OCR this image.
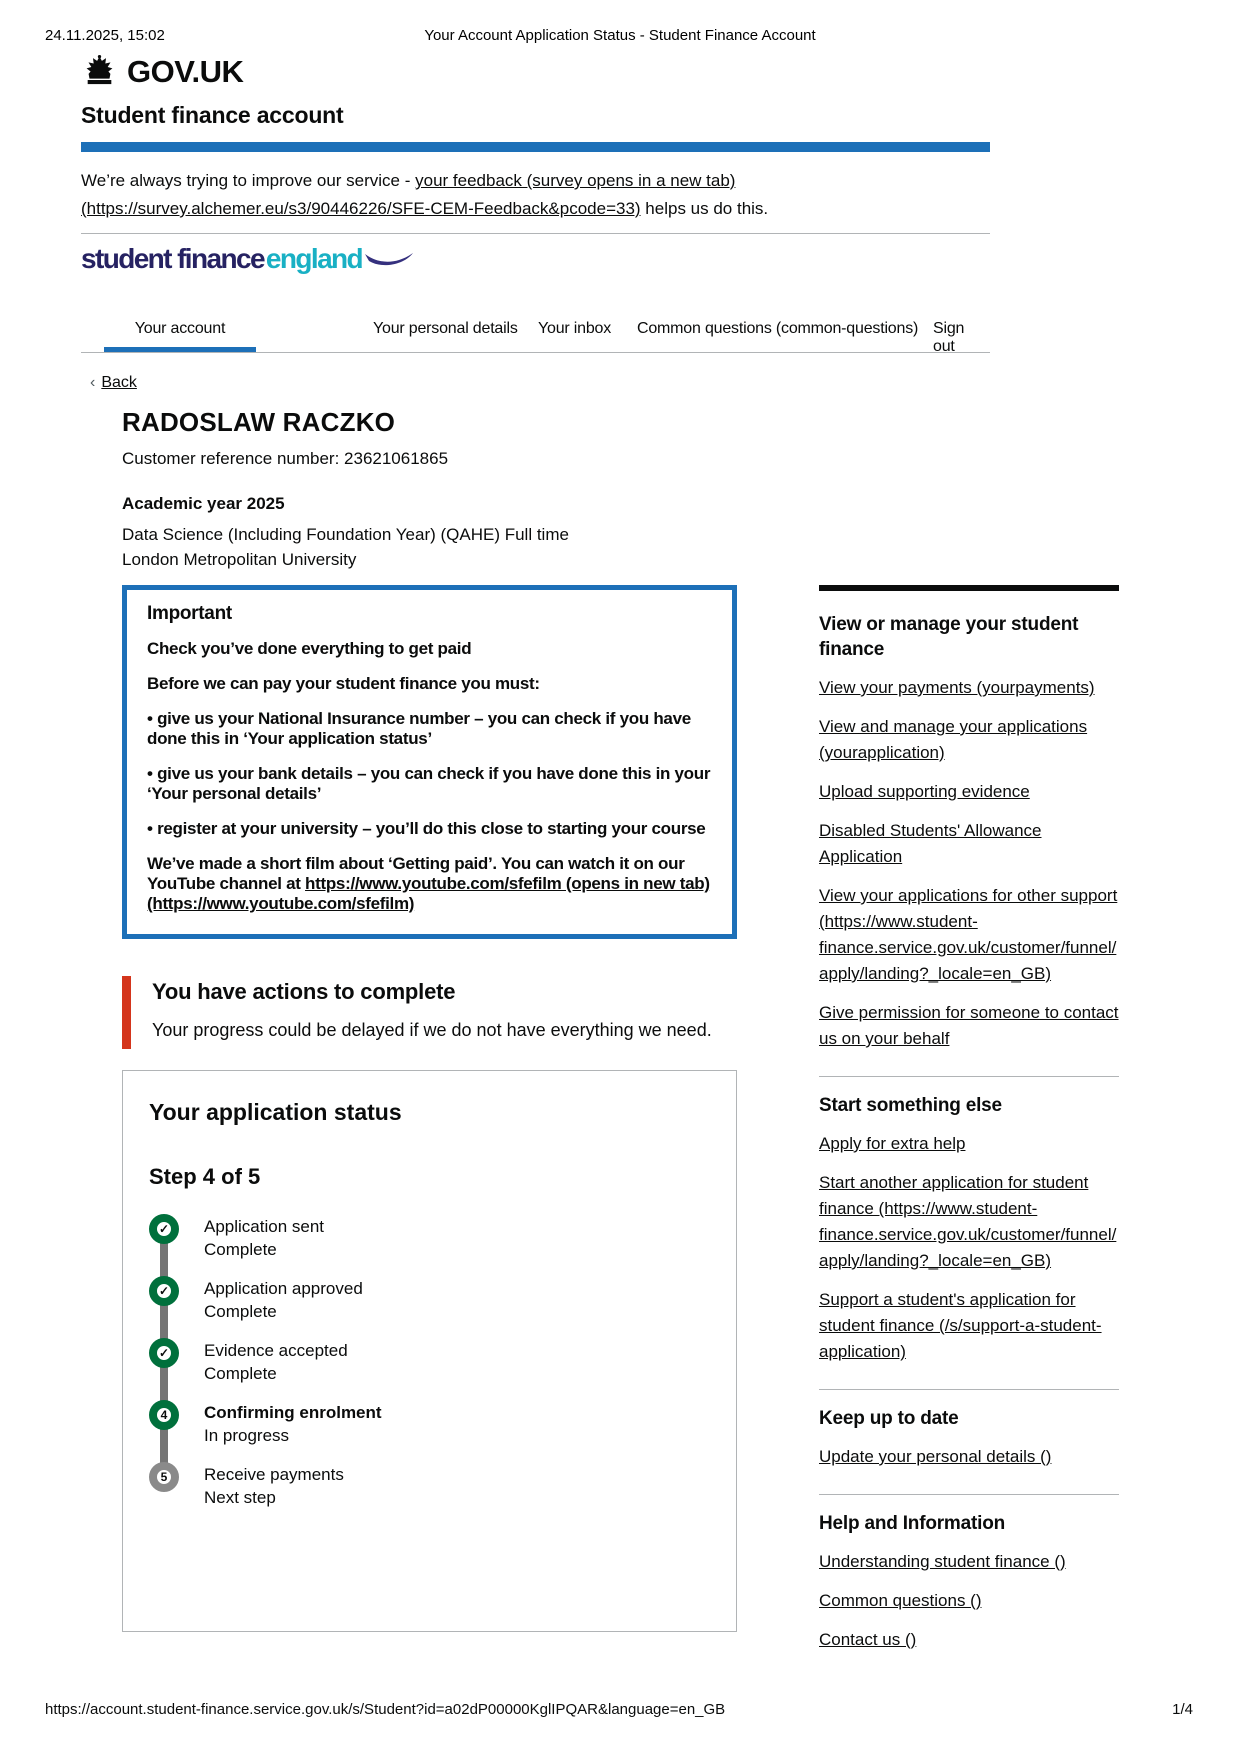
24.11.2025, 15:02	Your Account Application Status - Student Finance Account
GOV.UK
Student finance account
We’re always trying to improve our service - your feedback (survey opens in a new tab) (https://survey.alchemer.eu/s3/90446226/SFE-CEM-Feedback&pcode=33) helps us do this.
student finance england
Your account	Your personal details Your inbox Common questions (common-questions) Sign out
‹ Back
RADOSLAW RACZKO
Customer reference number: 23621061865
Academic year 2025
Data Science (Including Foundation Year) (QAHE) Full time
London Metropolitan University

Important

Check you’ve done everything to get paid

Before we can pay your student finance you must:

• give us your National Insurance number – you can check if you have done this in ‘Your application status’

• give us your bank details – you can check if you have done this in your ‘Your personal details’

• register at your university – you’ll do this close to starting your course

We’ve made a short film about ‘Getting paid’. You can watch it on our YouTube channel at https://www.youtube.com/sfefilm (opens in new tab) (https://www.youtube.com/sfefilm)

You have actions to complete

Your progress could be delayed if we do not have everything we need.

Your application status
Step 4 of 5
✓ Application sent
Complete
✓ Application approved
Complete
✓ Evidence accepted
Complete
4 Confirming enrolment
In progress
5 Receive payments
Next step
View or manage your student finance
View your payments (yourpayments)
View and manage your applications (yourapplication)
Upload supporting evidence
Disabled Students' Allowance Application
View your applications for other support (https://www.student-finance.service.gov.uk/customer/funnel/apply/landing?_locale=en_GB)
Give permission for someone to contact us on your behalf
Start something else
Apply for extra help
Start another application for student finance (https://www.student-finance.service.gov.uk/customer/funnel/apply/landing?_locale=en_GB)
Support a student's application for student finance (/s/support-a-student-application)
Keep up to date
Update your personal details ()
Help and Information
Understanding student finance ()
Common questions ()
Contact us ()
https://account.student-finance.service.gov.uk/s/Student?id=a02dP00000KglIPQAR&language=en_GB	1/4
